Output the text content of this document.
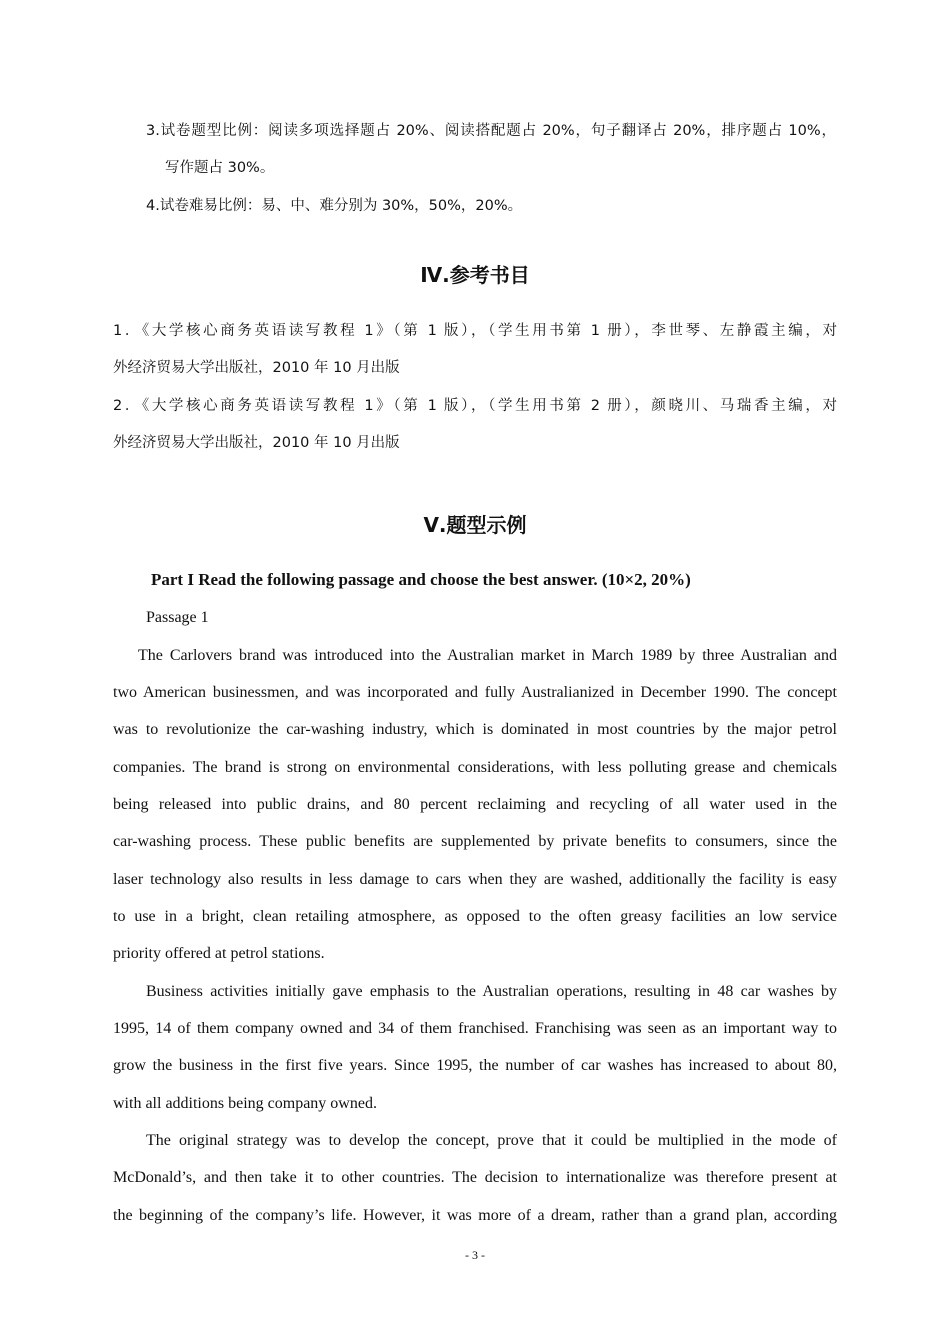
3.试卷题型比例：阅读多项选择题占 20%、阅读搭配题占 20%，句子翻译占 20%，排序题占 10%，
写作题占 30%。
4.试卷难易比例：易、中、难分别为 30%，50%，20%。
Ⅳ.参考书目
1．《大学核心商务英语读写教程 1》（第 1 版），（学生用书第 1 册），李世琴、左静霞主编，对
外经济贸易大学出版社，2010 年 10 月出版
2．《大学核心商务英语读写教程 1》（第 1 版），（学生用书第 2 册），颜晓川、马瑞香主编，对
外经济贸易大学出版社，2010 年 10 月出版
Ⅴ.题型示例
Part I Read the following passage and choose the best answer. (10×2, 20%)
Passage 1
The Carlovers brand was introduced into the Australian market in March 1989 by three Australian and
two American businessmen, and was incorporated and fully Australianized in December 1990. The concept
was to revolutionize the car-washing industry, which is dominated in most countries by the major petrol
companies. The brand is strong on environmental considerations, with less polluting grease and chemicals
being released into public drains, and 80 percent reclaiming and recycling of all water used in the
car-washing process. These public benefits are supplemented by private benefits to consumers, since the
laser technology also results in less damage to cars when they are washed, additionally the facility is easy
to use in a bright, clean retailing atmosphere, as opposed to the often greasy facilities an low service
priority offered at petrol stations.
Business activities initially gave emphasis to the Australian operations, resulting in 48 car washes by
1995, 14 of them company owned and 34 of them franchised. Franchising was seen as an important way to
grow the business in the first five years. Since 1995, the number of car washes has increased to about 80,
with all additions being company owned.
The original strategy was to develop the concept, prove that it could be multiplied in the mode of
McDonald’s, and then take it to other countries. The decision to internationalize was therefore present at
the beginning of the company’s life. However, it was more of a dream, rather than a grand plan, according
- 3 -
